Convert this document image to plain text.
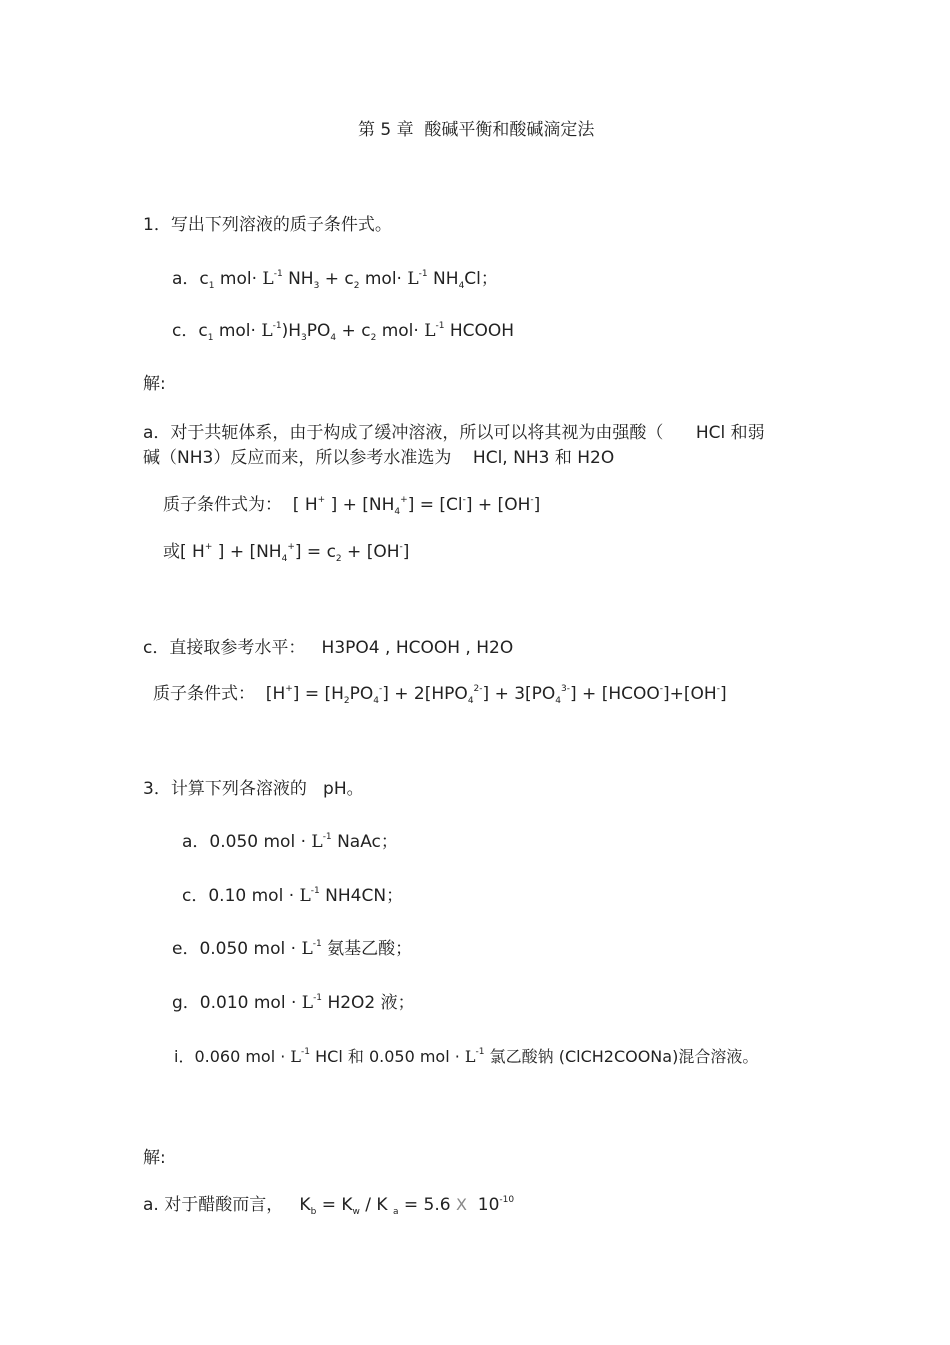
第 5 章  酸碱平衡和酸碱滴定法
1．写出下列溶液的质子条件式。
a．$c_1$ $mol\cdot L^{-1}$ $NH_3 + c_2$ $mol\cdot L^{-1}$ $NH_4Cl$；
c．$c_1$ $mol\cdot L^{-1})H_3PO_4 + c_2$ $mol\cdot L^{-1}$ HCOOH
解:
a．对于共轭体系，由于构成了缓冲溶液，所以可以将其视为由强酸（      HCl 和弱
碱（NH3）反应而来，所以参考水准选为    HCl, NH3 和 H2O
质子条件式为：  [ H+ ] + $[NH_4^+] = [Cl^-] + [OH^-]$
或[ H+ ] + $[NH_4^+] = c_2 + [OH^-]$
c．直接取参考水平：   H3PO4 , HCOOH , H2O
质子条件式：  $[H^+] = [H_2PO_4^-] + 2[HPO_4^{2-}] + 3[PO_4^{3-}]$ + [HCOO-]+[OH-]
3．计算下列各溶液的   pH。
a．0.050 mol · $L^{-1}$ NaAc；
c．0.10 mol · $L^{-1}$ NH4CN；
e．0.050 mol · $L^{-1}$ 氨基乙酸；
g．0.010 mol · $L^{-1}$ H2O2 液；
i．0.060 mol · $L^{-1}$ HCl 和 0.050 mol · $L^{-1}$ 氯乙酸钠 (ClCH2COONa)混合溶液。
解:
a. 对于醋酸而言，   $K_b = K_w / K$ $_a$ = 5.6 X  $10^{-10}$
